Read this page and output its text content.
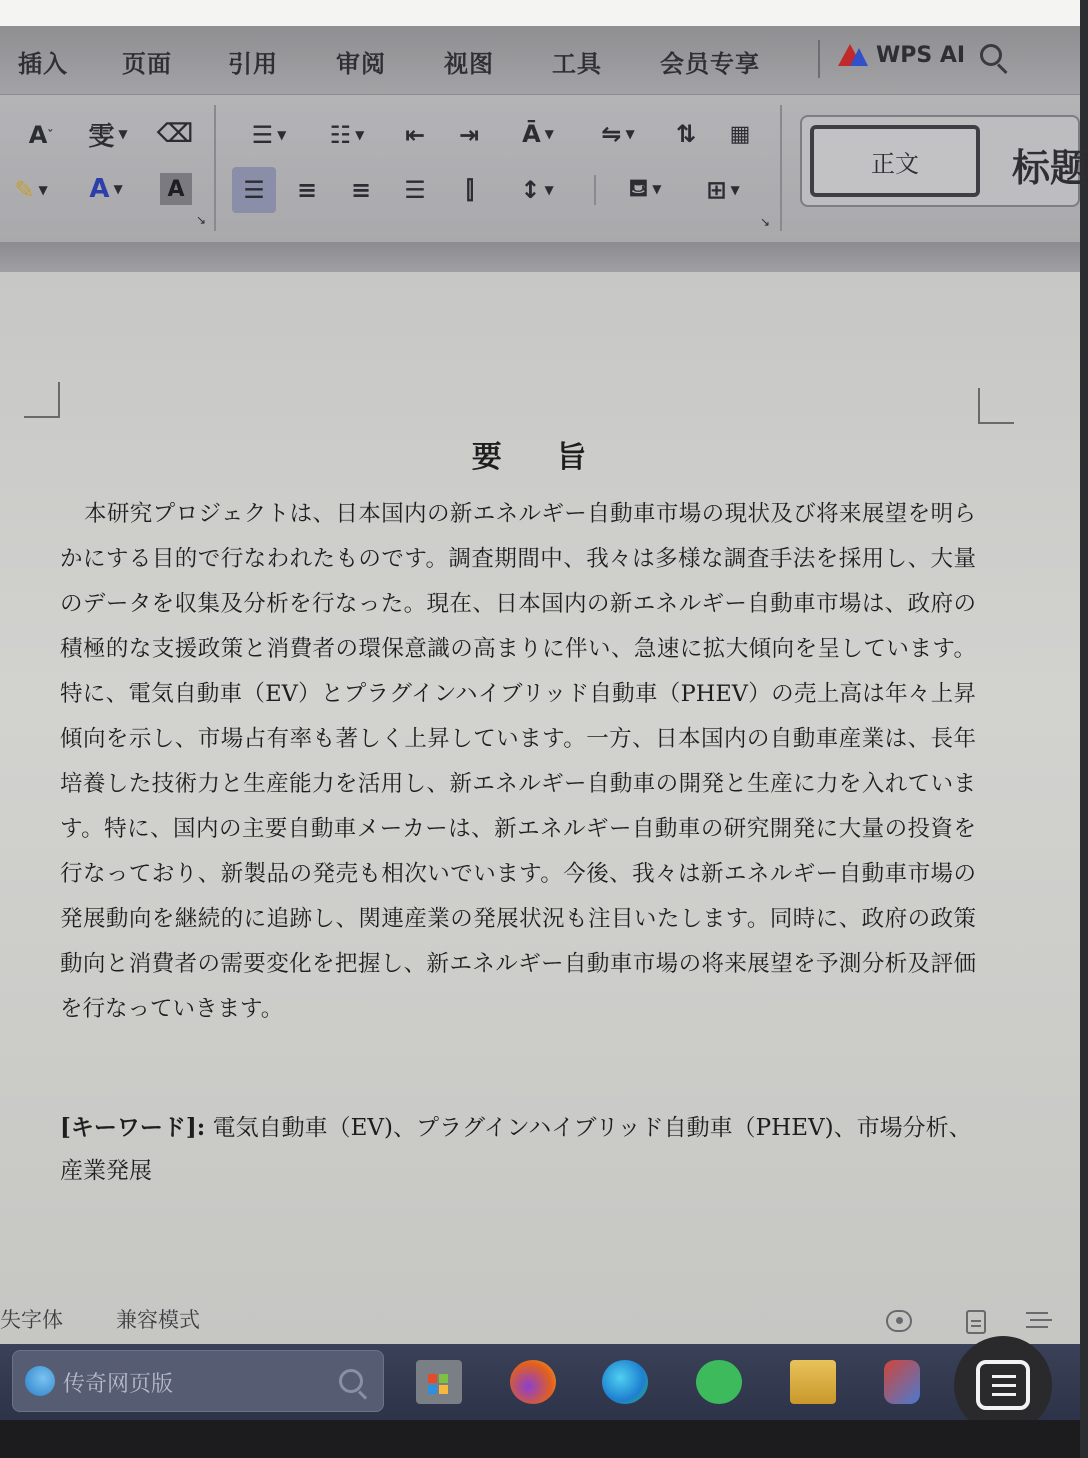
插入 页面 引用 审阅 视图 工具 会员专享	WPS AI
A ˇ	雯 ▼ ⌫	☰ ▼	☷ ▼ ⇤ ⇥	Ā ▼	⇋ ▼	⇅	▦
✎ ▼	A ▼	A
↘
☰	≡ ≡ ☰	⫿	↕ ▼	⛾ ▼	⊞ ▼
↘
正文	标题
要 旨
本研究プロジェクトは、日本国内の新エネルギー自動車市場の現状及び将来展望を明らかにする目的で行なわれたものです。調査期間中、我々は多様な調査手法を採用し、大量のデータを収集及分析を行なった。現在、日本国内の新エネルギー自動車市場は、政府の積極的な支援政策と消費者の環保意識の高まりに伴い、急速に拡大傾向を呈しています。特に、電気自動車（EV）とプラグインハイブリッド自動車（PHEV）の売上高は年々上昇傾向を示し、市場占有率も著しく上昇しています。一方、日本国内の自動車産業は、長年培養した技術力と生産能力を活用し、新エネルギー自動車の開発と生産に力を入れています。特に、国内の主要自動車メーカーは、新エネルギー自動車の研究開発に大量の投資を行なっており、新製品の発売も相次いでいます。今後、我々は新エネルギー自動車市場の発展動向を継続的に追跡し、関連産業の発展状況も注目いたします。同時に、政府の政策動向と消費者の需要変化を把握し、新エネルギー自動車市場の将来展望を予測分析及評価を行なっていきます。
[キーワード]: 電気自動車（EV)、プラグインハイブリッド自動車（PHEV)、市場分析、産業発展
失字体	兼容模式
传奇网页版
